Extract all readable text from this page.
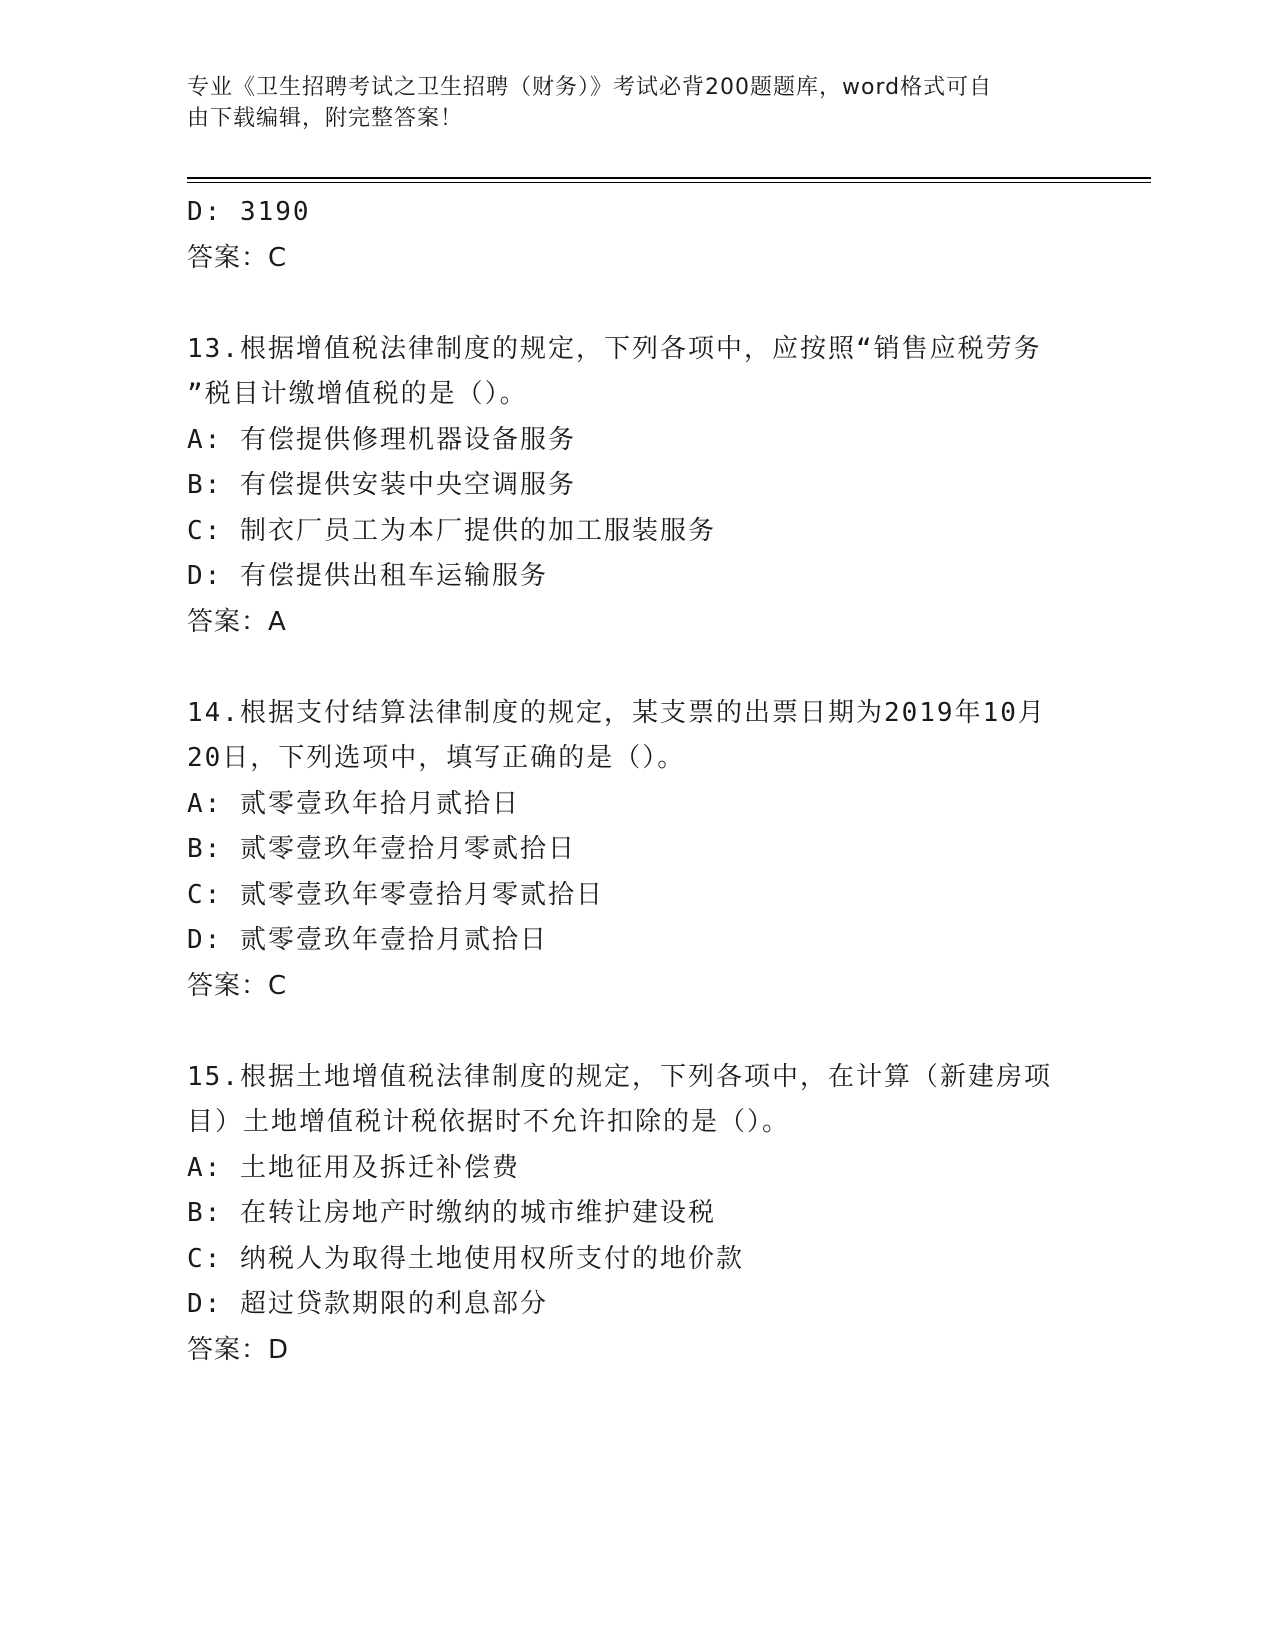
专业《卫生招聘考试之卫生招聘（财务）》考试必背200题题库，word格式可自
由下载编辑，附完整答案！
D: 3190
答案：C
13.根据增值税法律制度的规定，下列各项中，应按照“销售应税劳务
”税目计缴增值税的是（）。
A: 有偿提供修理机器设备服务
B: 有偿提供安装中央空调服务
C: 制衣厂员工为本厂提供的加工服装服务
D: 有偿提供出租车运输服务
答案：A
14.根据支付结算法律制度的规定，某支票的出票日期为2019年10月
20日，下列选项中，填写正确的是（）。
A: 贰零壹玖年拾月贰拾日
B: 贰零壹玖年壹拾月零贰拾日
C: 贰零壹玖年零壹拾月零贰拾日
D: 贰零壹玖年壹拾月贰拾日
答案：C
15.根据土地增值税法律制度的规定，下列各项中，在计算（新建房项
目）土地增值税计税依据时不允许扣除的是（）。
A: 土地征用及拆迁补偿费
B: 在转让房地产时缴纳的城市维护建设税
C: 纳税人为取得土地使用权所支付的地价款
D: 超过贷款期限的利息部分
答案：D
